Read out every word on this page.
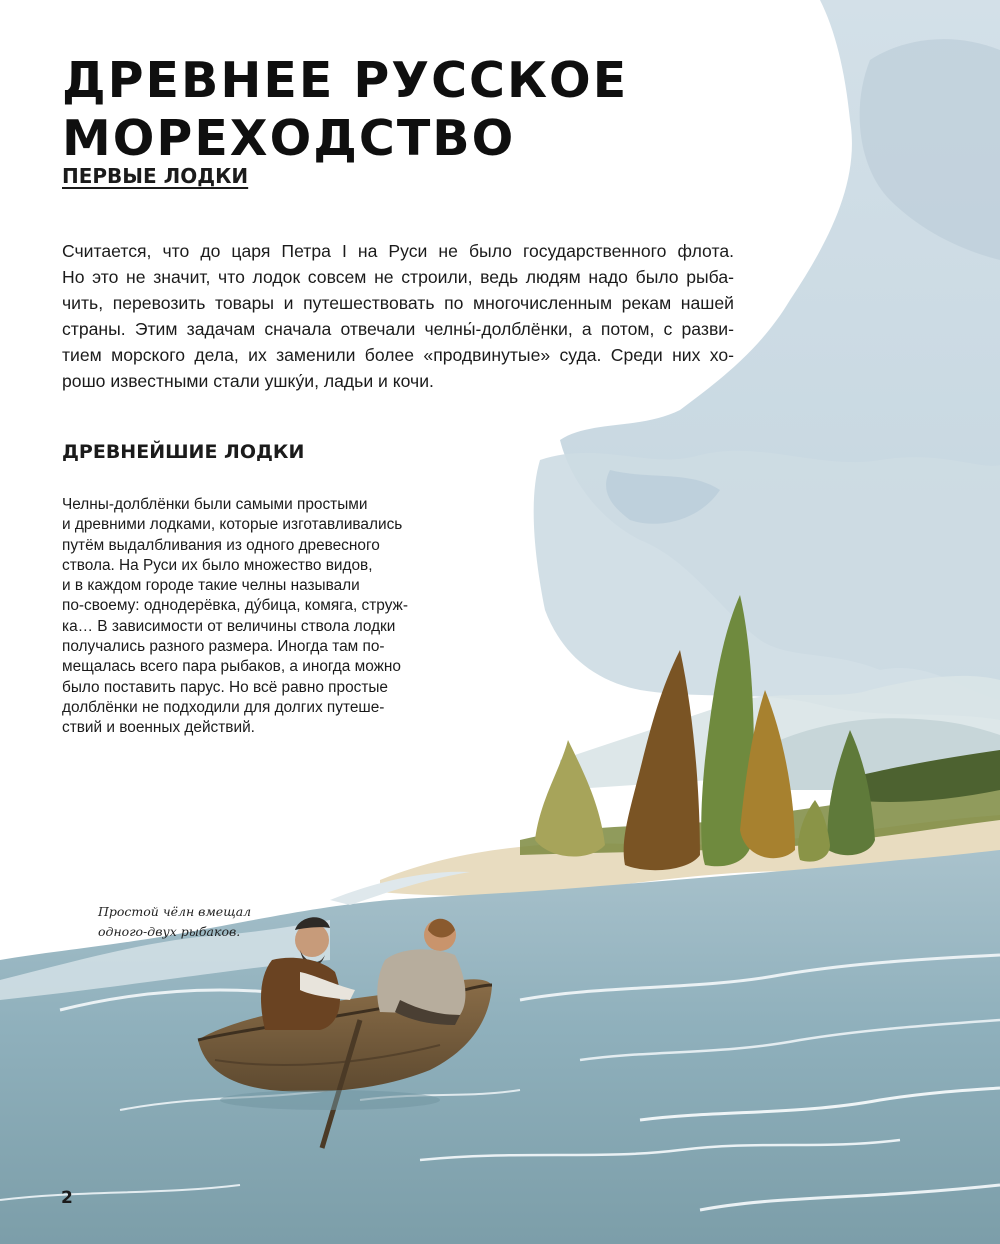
ДРЕВНЕЕ РУССКОЕ
МОРЕХОДСТВО
ПЕРВЫЕ ЛОДКИ

Считается, что до царя Петра I на Руси не было государственного флота.
Но это не значит, что лодок совсем не строили, ведь людям надо было рыба-
чить, перевозить товары и путешествовать по многочисленным рекам нашей
страны. Этим задачам сначала отвечали челны́-долблёнки, а потом, с разви-
тием морского дела, их заменили более «продвинутые» суда. Среди них хо-
рошо известными стали ушку́и, ладьи и кочи.

ДРЕВНЕЙШИЕ ЛОДКИ

Челны-долблёнки были самыми простыми
и древними лодками, которые изготавливались
путём выдалбливания из одного древесного
ствола. На Руси их было множество видов,
и в каждом городе такие челны называли
по-своему: однодерёвка, ду́бица, комяга, струж-
ка… В зависимости от величины ствола лодки
получались разного размера. Иногда там по-
мещалась всего пара рыбаков, а иногда можно
было поставить парус. Но всё равно простые
долблёнки не подходили для долгих путеше-
ствий и военных действий.

Простой чёлн вмещал
одного-двух рыбаков.

2
